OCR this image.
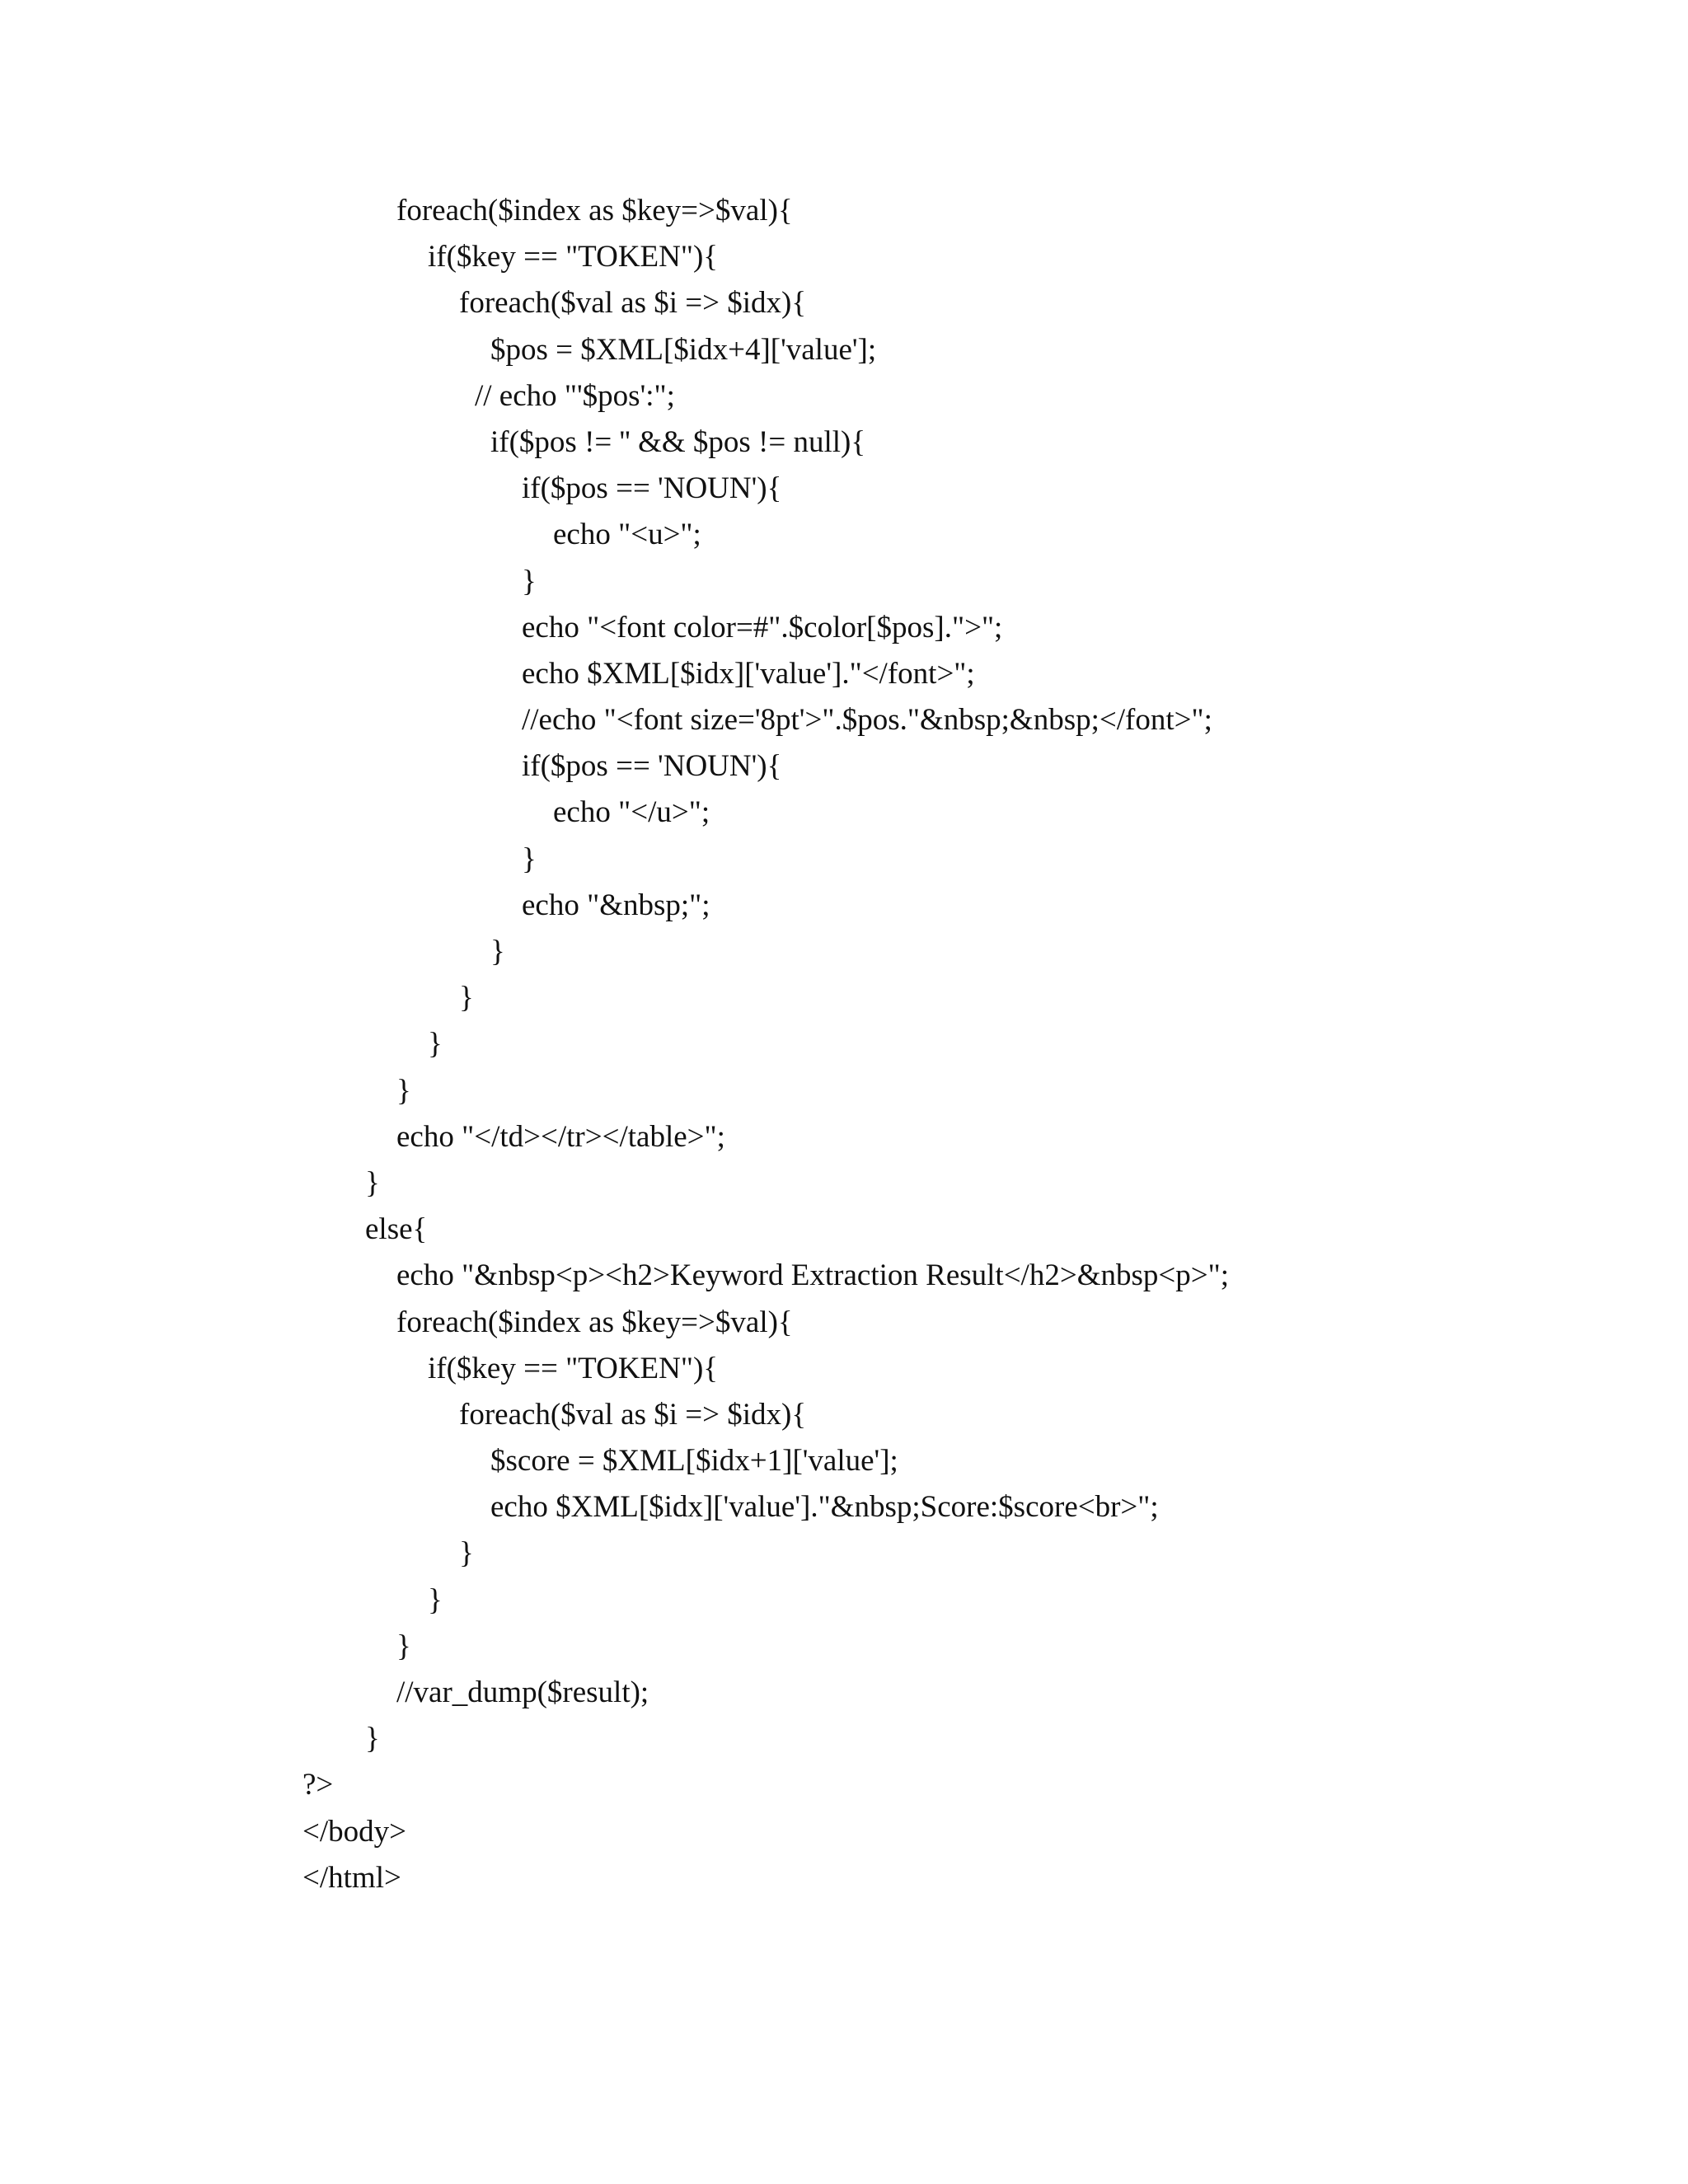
foreach($index as $key=>$val){
if($key == "TOKEN"){
foreach($val as $i => $idx){
$pos = $XML[$idx+4]['value'];
// echo "'$pos':";
if($pos != '' && $pos != null){
if($pos == 'NOUN'){
echo "<u>";
}
echo "<font color=#".$color[$pos].">";
echo $XML[$idx]['value']."</font>";
//echo "<font size='8pt'>".$pos."&nbsp;&nbsp;</font>";
if($pos == 'NOUN'){
echo "</u>";
}
echo "&nbsp;";
}
}
}
}
echo "</td></tr></table>";
}
else{
echo "&nbsp<p><h2>Keyword Extraction Result</h2>&nbsp<p>";
foreach($index as $key=>$val){
if($key == "TOKEN"){
foreach($val as $i => $idx){
$score = $XML[$idx+1]['value'];
echo $XML[$idx]['value']."&nbsp;Score:$score<br>";
}
}
}
//var_dump($result);
}
?>
</body>
</html>
